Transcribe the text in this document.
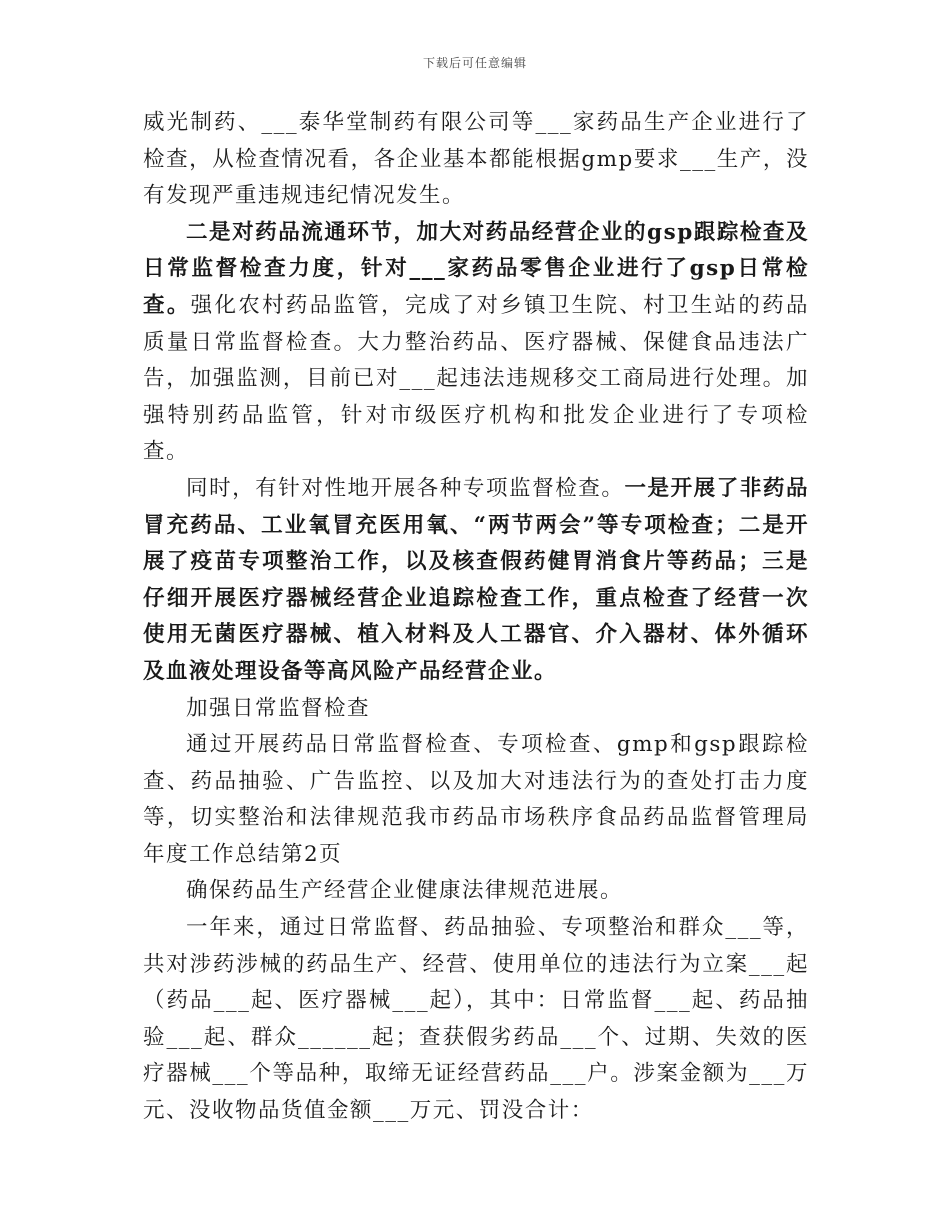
下载后可任意编辑

威光制药、___泰华堂制药有限公司等___家药品生产企业进行了检查，从检查情况看，各企业基本都能根据gmp要求___生产，没有发现严重违规违纪情况发生。

二是对药品流通环节，加大对药品经营企业的gsp跟踪检查及日常监督检查力度，针对___家药品零售企业进行了gsp日常检查。强化农村药品监管，完成了对乡镇卫生院、村卫生站的药品质量日常监督检查。大力整治药品、医疗器械、保健食品违法广告，加强监测，目前已对___起违法违规移交工商局进行处理。加强特别药品监管，针对市级医疗机构和批发企业进行了专项检查。

同时，有针对性地开展各种专项监督检查。一是开展了非药品冒充药品、工业氧冒充医用氧、“两节两会”等专项检查；二是开展了疫苗专项整治工作，以及核查假药健胃消食片等药品；三是仔细开展医疗器械经营企业追踪检查工作，重点检查了经营一次使用无菌医疗器械、植入材料及人工器官、介入器材、体外循环及血液处理设备等高风险产品经营企业。

加强日常监督检查

通过开展药品日常监督检查、专项检查、gmp和gsp跟踪检查、药品抽验、广告监控、以及加大对违法行为的查处打击力度等，切实整治和法律规范我市药品市场秩序食品药品监督管理局年度工作总结第2页

确保药品生产经营企业健康法律规范进展。

一年来，通过日常监督、药品抽验、专项整治和群众___等，共对涉药涉械的药品生产、经营、使用单位的违法行为立案___起（药品___起、医疗器械___起），其中：日常监督___起、药品抽验___起、群众______起；查获假劣药品___个、过期、失效的医疗器械___个等品种，取缔无证经营药品___户。涉案金额为___万元、没收物品货值金额___万元、罚没合计：
